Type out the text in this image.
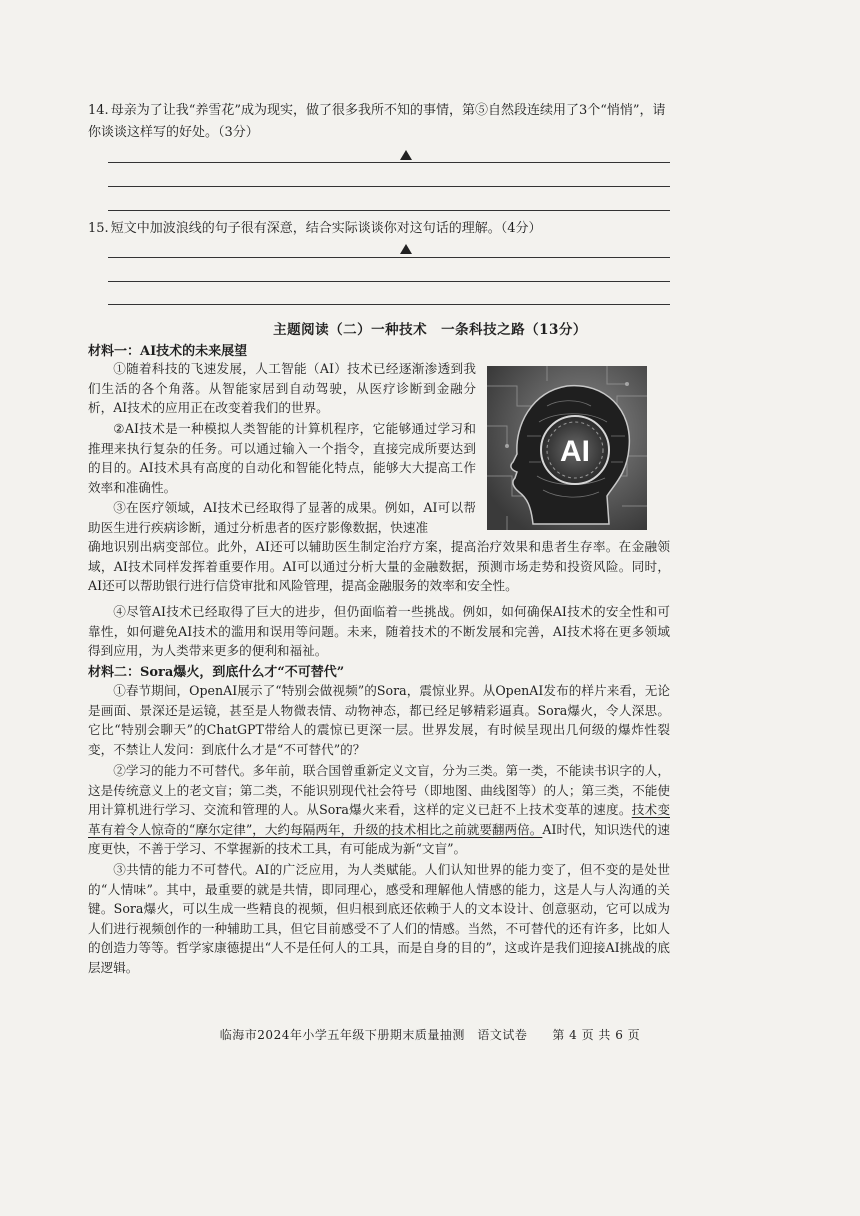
14. 母亲为了让我“养雪花”成为现实，做了很多我所不知的事情，第⑤自然段连续用了3个“悄悄”，请你谈谈这样写的好处。（3分）
15. 短文中加波浪线的句子很有深意，结合实际谈谈你对这句话的理解。（4分）
主题阅读（二）一种技术　一条科技之路（13分）
材料一：AI技术的未来展望
①随着科技的飞速发展，人工智能（AI）技术已经逐渐渗透到我们生活的各个角落。从智能家居到自动驾驶，从医疗诊断到金融分析，AI技术的应用正在改变着我们的世界。
②AI技术是一种模拟人类智能的计算机程序，它能够通过学习和推理来执行复杂的任务。可以通过输入一个指令，直接完成所要达到的目的。AI技术具有高度的自动化和智能化特点，能够大大提高工作效率和准确性。
③在医疗领域，AI技术已经取得了显著的成果。例如，AI可以帮助医生进行疾病诊断，通过分析患者的医疗影像数据，快速准
确地识别出病变部位。此外，AI还可以辅助医生制定治疗方案，提高治疗效果和患者生存率。在金融领域，AI技术同样发挥着重要作用。AI可以通过分析大量的金融数据，预测市场走势和投资风险。同时，AI还可以帮助银行进行信贷审批和风险管理，提高金融服务的效率和安全性。
④尽管AI技术已经取得了巨大的进步，但仍面临着一些挑战。例如，如何确保AI技术的安全性和可靠性，如何避免AI技术的滥用和误用等问题。未来，随着技术的不断发展和完善，AI技术将在更多领域得到应用，为人类带来更多的便利和福祉。
AI
材料二：Sora爆火，到底什么才“不可替代”
①春节期间，OpenAI展示了“特别会做视频”的Sora，震惊业界。从OpenAI发布的样片来看，无论是画面、景深还是运镜，甚至是人物微表情、动物神态，都已经足够精彩逼真。Sora爆火，令人深思。它比“特别会聊天”的ChatGPT带给人的震惊已更深一层。世界发展，有时候呈现出几何级的爆炸性裂变，不禁让人发问：到底什么才是“不可替代”的？
②学习的能力不可替代。多年前，联合国曾重新定义文盲，分为三类。第一类，不能读书识字的人，这是传统意义上的老文盲；第二类，不能识别现代社会符号（即地图、曲线图等）的人；第三类，不能使用计算机进行学习、交流和管理的人。从Sora爆火来看，这样的定义已赶不上技术变革的速度。技术变革有着令人惊奇的“摩尔定律”，大约每隔两年，升级的技术相比之前就要翻两倍。AI时代，知识迭代的速度更快，不善于学习、不掌握新的技术工具，有可能成为新“文盲”。
③共情的能力不可替代。AI的广泛应用，为人类赋能。人们认知世界的能力变了，但不变的是处世的“人情味”。其中，最重要的就是共情，即同理心，感受和理解他人情感的能力，这是人与人沟通的关键。Sora爆火，可以生成一些精良的视频，但归根到底还依赖于人的文本设计、创意驱动，它可以成为人们进行视频创作的一种辅助工具，但它目前感受不了人们的情感。当然，不可替代的还有许多，比如人的创造力等等。哲学家康德提出“人不是任何人的工具，而是自身的目的”，这或许是我们迎接AI挑战的底层逻辑。
临海市2024年小学五年级下册期末质量抽测　语文试卷　　第 4 页 共 6 页
